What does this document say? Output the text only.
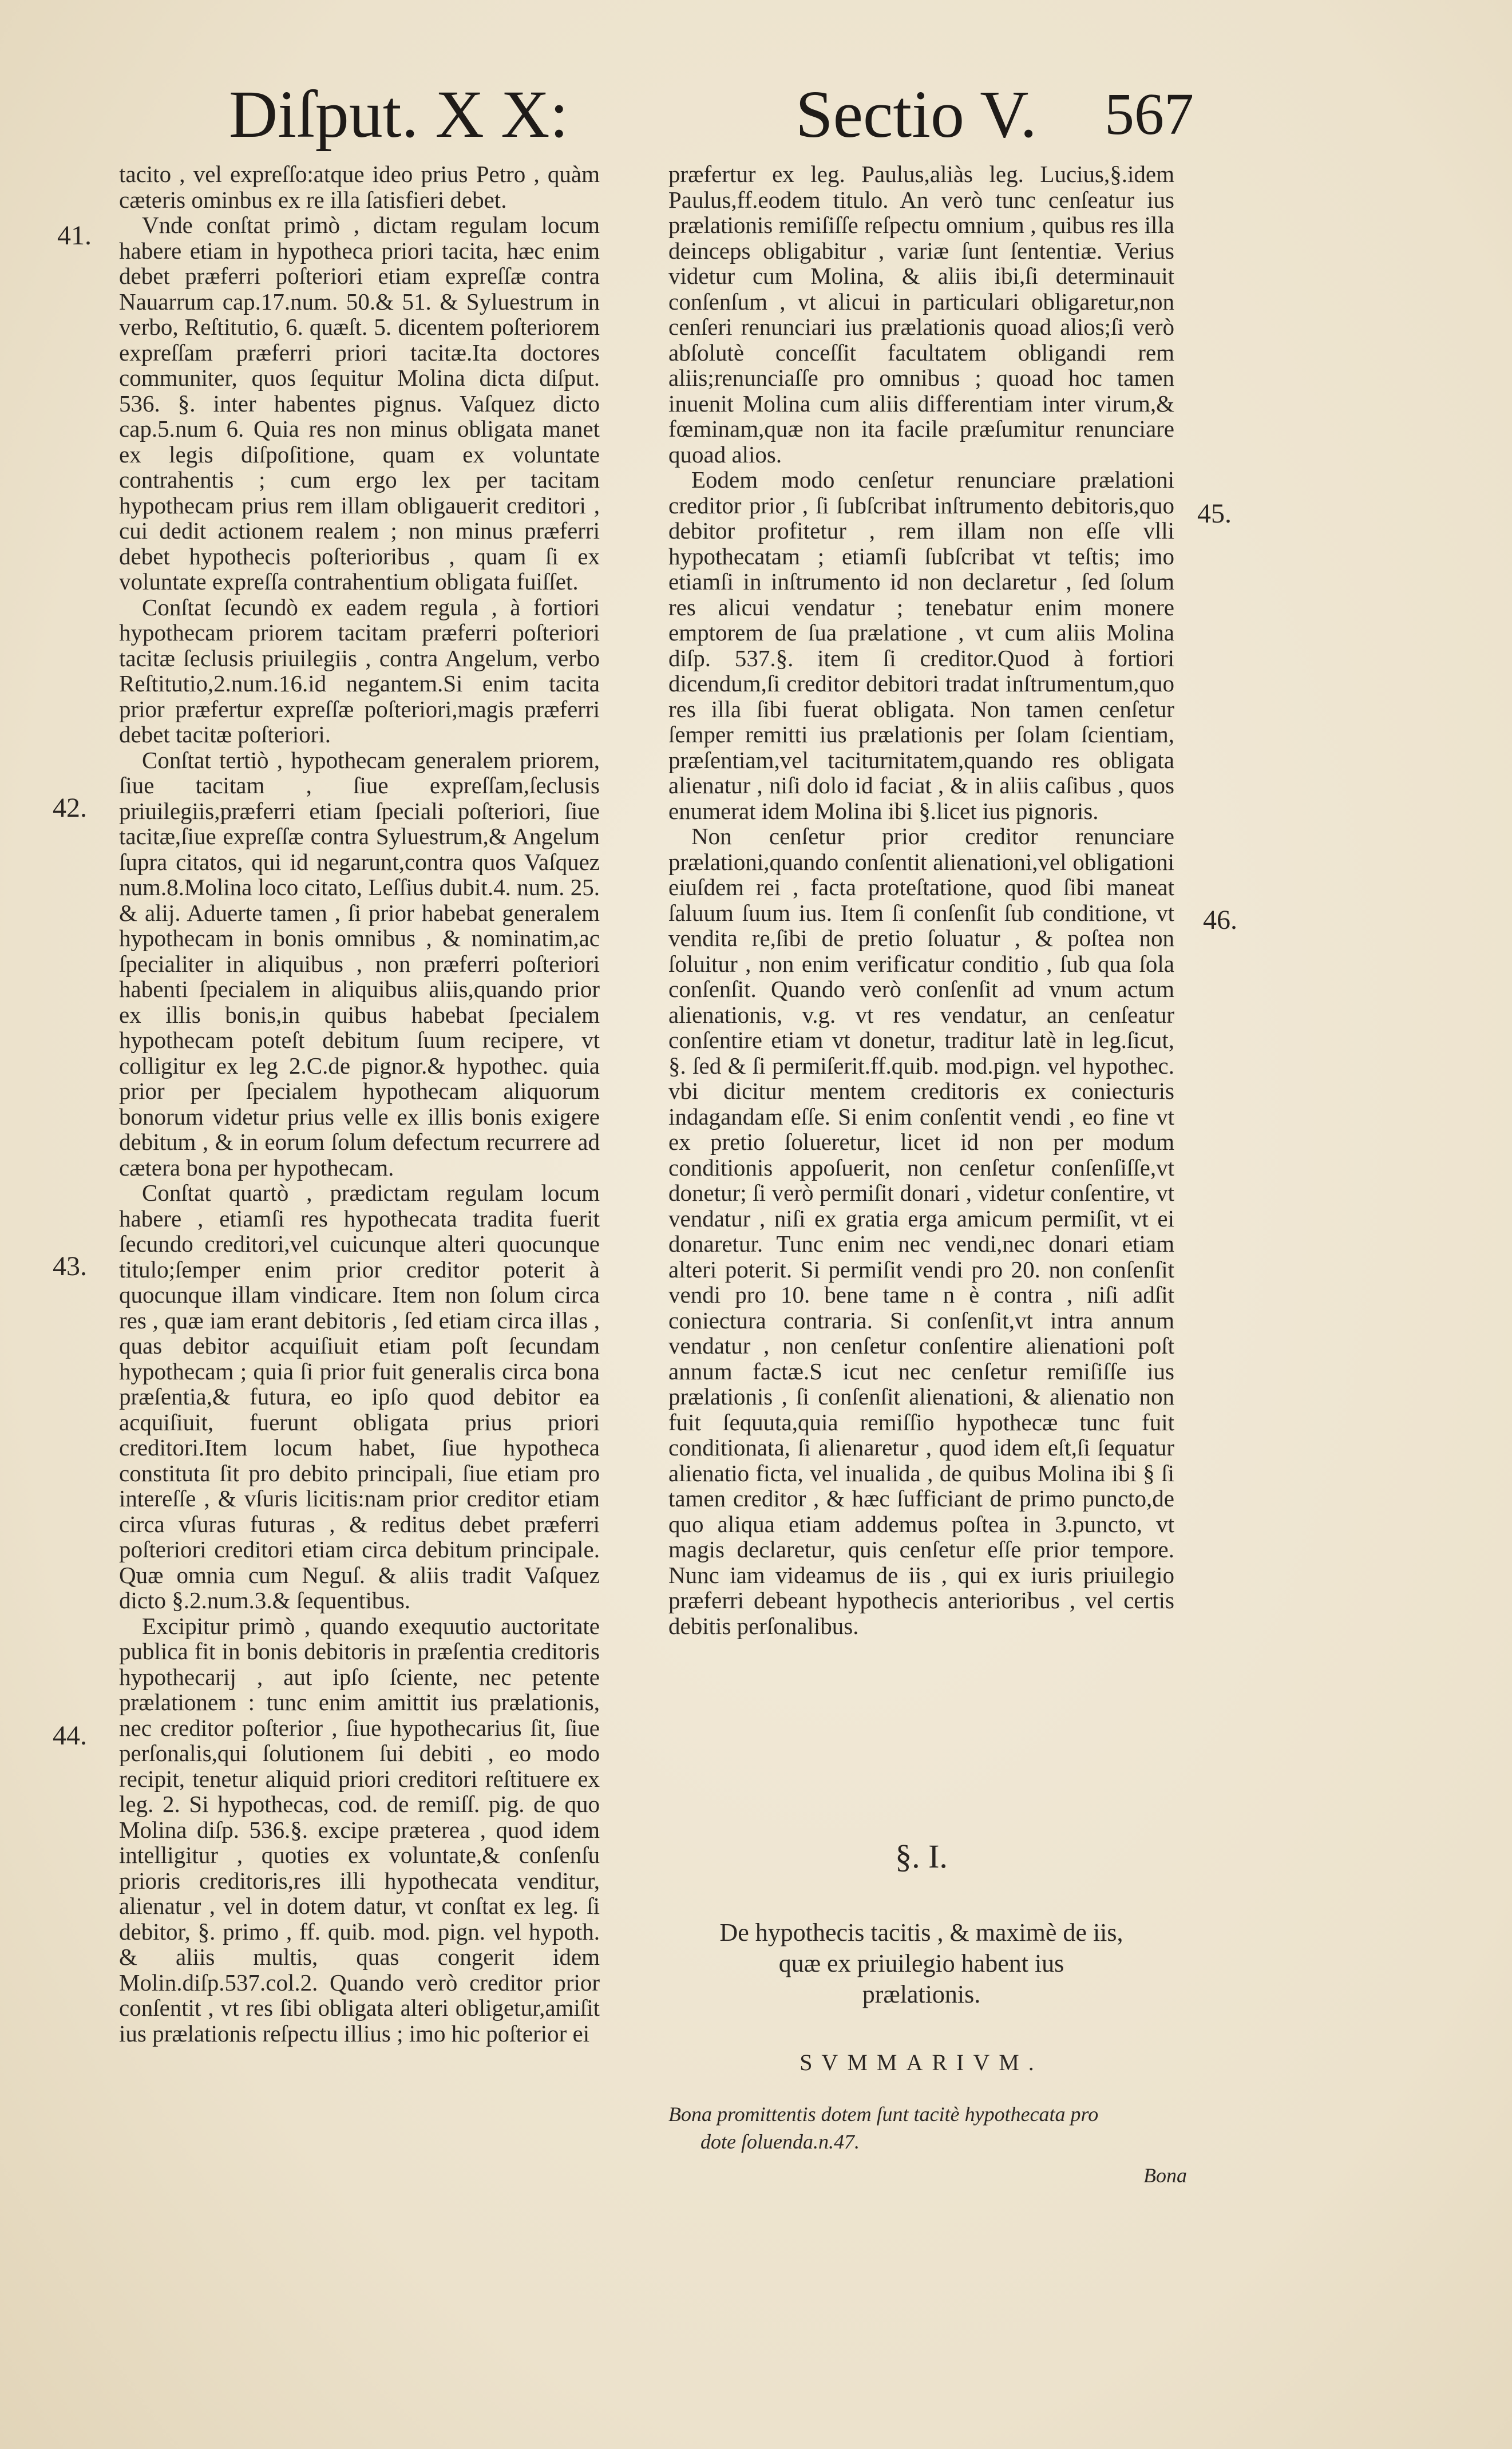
Diſput. X X:	Sectio V. 567

tacito , vel expreſſo:atque ideo prius Petro , quàm cæteris ominbus ex re illa ſatisfieri debet.

Vnde conſtat primò , dictam regulam locum habere etiam in hypotheca priori tacita, hæc enim debet præferri poſteriori etiam expreſſæ contra Nauarrum cap.17.num. 50.& 51. & Syluestrum in verbo, Reſtitutio, 6. quæſt. 5. dicentem poſteriorem expreſſam præferri priori tacitæ.Ita doctores communiter, quos ſequitur Molina dicta diſput. 536. §. inter habentes pignus. Vaſquez dicto cap.5.num 6. Quia res non minus obligata manet ex legis diſpoſitione, quam ex voluntate contrahentis ; cum ergo lex per tacitam hypothecam prius rem illam obligauerit creditori , cui dedit actionem realem ; non minus præferri debet hypothecis poſterioribus , quam ſi ex voluntate expreſſa contrahentium obligata fuiſſet.

Conſtat ſecundò ex eadem regula , à fortiori hypothecam priorem tacitam præferri poſteriori tacitæ ſeclusis priuilegiis , contra Angelum, verbo Reſtitutio,2.num.16.id negantem.Si enim tacita prior præfertur expreſſæ poſteriori,magis præferri debet tacitæ poſteriori.

Conſtat tertiò , hypothecam generalem priorem, ſiue tacitam , ſiue expreſſam,ſeclusis priuilegiis,præferri etiam ſpeciali poſteriori, ſiue tacitæ,ſiue expreſſæ contra Syluestrum,& Angelum ſupra citatos, qui id negarunt,contra quos Vaſquez num.8.Molina loco citato, Leſſius dubit.4. num. 25. & alij. Aduerte tamen , ſi prior habebat generalem hypothecam in bonis omnibus , & nominatim,ac ſpecialiter in aliquibus , non præferri poſteriori habenti ſpecialem in aliquibus aliis,quando prior ex illis bonis,in quibus habebat ſpecialem hypothecam poteſt debitum ſuum recipere, vt colligitur ex leg 2.C.de pignor.& hypothec. quia prior per ſpecialem hypothecam aliquorum bonorum videtur prius velle ex illis bonis exigere debitum , & in eorum ſolum defectum recurrere ad cætera bona per hypothecam.

Conſtat quartò , prædictam regulam locum habere , etiamſi res hypothecata tradita fuerit ſecundo creditori,vel cuicunque alteri quocunque titulo;ſemper enim prior creditor poterit à quocunque illam vindicare. Item non ſolum circa res , quæ iam erant debitoris , ſed etiam circa illas , quas debitor acquiſiuit etiam poſt ſecundam hypothecam ; quia ſi prior fuit generalis circa bona præſentia,& futura, eo ipſo quod debitor ea acquiſiuit, fuerunt obligata prius priori creditori.Item locum habet, ſiue hypotheca constituta ſit pro debito principali, ſiue etiam pro intereſſe , & vſuris licitis:nam prior creditor etiam circa vſuras futuras , & reditus debet præferri poſteriori creditori etiam circa debitum principale. Quæ omnia cum Neguſ. & aliis tradit Vaſquez dicto §.2.num.3.& ſequentibus.

Excipitur primò , quando exequutio auctoritate publica fit in bonis debitoris in præſentia creditoris hypothecarij , aut ipſo ſciente, nec petente prælationem : tunc enim amittit ius prælationis, nec creditor poſterior , ſiue hypothecarius ſit, ſiue perſonalis,qui ſolutionem ſui debiti , eo modo recipit, tenetur aliquid priori creditori reſtituere ex leg. 2. Si hypothecas, cod. de remiſſ. pig. de quo Molina diſp. 536.§. excipe præterea , quod idem intelligitur , quoties ex voluntate,& conſenſu prioris creditoris,res illi hypothecata venditur, alienatur , vel in dotem datur, vt conſtat ex leg. ſi debitor, §. primo , ff. quib. mod. pign. vel hypoth. & aliis multis, quas congerit idem Molin.diſp.537.col.2. Quando verò creditor prior conſentit , vt res ſibi obligata alteri obligetur,amiſit ius prælationis reſpectu illius ; imo hic poſterior ei

41.
42.
43.
44.
45.
46.

præfertur ex leg. Paulus,aliàs leg. Lucius,§.idem Paulus,ff.eodem titulo. An verò tunc cenſeatur ius prælationis remiſiſſe reſpectu omnium , quibus res illa deinceps obligabitur , variæ ſunt ſententiæ. Verius videtur cum Molina, & aliis ibi,ſi determinauit conſenſum , vt alicui in particulari obligaretur,non cenſeri renunciari ius prælationis quoad alios;ſi verò abſolutè conceſſit facultatem obligandi rem aliis;renunciaſſe pro omnibus ; quoad hoc tamen inuenit Molina cum aliis differentiam inter virum,& fœminam,quæ non ita facile præſumitur renunciare quoad alios.

Eodem modo cenſetur renunciare prælationi creditor prior , ſi ſubſcribat inſtrumento debitoris,quo debitor profitetur , rem illam non eſſe vlli hypothecatam ; etiamſi ſubſcribat vt teſtis; imo etiamſi in inſtrumento id non declaretur , ſed ſolum res alicui vendatur ; tenebatur enim monere emptorem de ſua prælatione , vt cum aliis Molina diſp. 537.§. item ſi creditor.Quod à fortiori dicendum,ſi creditor debitori tradat inſtrumentum,quo res illa ſibi fuerat obligata. Non tamen cenſetur ſemper remitti ius prælationis per ſolam ſcientiam, præſentiam,vel taciturnitatem,quando res obligata alienatur , niſi dolo id faciat , & in aliis caſibus , quos enumerat idem Molina ibi §.licet ius pignoris.

Non cenſetur prior creditor renunciare prælationi,quando conſentit alienationi,vel obligationi eiuſdem rei , facta proteſtatione, quod ſibi maneat ſaluum ſuum ius. Item ſi conſenſit ſub conditione, vt vendita re,ſibi de pretio ſoluatur , & poſtea non ſoluitur , non enim verificatur conditio , ſub qua ſola conſenſit. Quando verò conſenſit ad vnum actum alienationis, v.g. vt res vendatur, an cenſeatur conſentire etiam vt donetur, traditur latè in leg.ſicut, §. ſed & ſi permiſerit.ff.quib. mod.pign. vel hypothec. vbi dicitur mentem creditoris ex coniecturis indagandam eſſe. Si enim conſentit vendi , eo fine vt ex pretio ſolueretur, licet id non per modum conditionis appoſuerit, non cenſetur conſenſiſſe,vt donetur; ſi verò permiſit donari , videtur conſentire, vt vendatur , niſi ex gratia erga amicum permiſit, vt ei donaretur. Tunc enim nec vendi,nec donari etiam alteri poterit. Si permiſit vendi pro 20. non conſenſit vendi pro 10. bene tame n è contra , niſi adſit coniectura contraria. Si conſenſit,vt intra annum vendatur , non cenſetur conſentire alienationi poſt annum factæ.S icut nec cenſetur remiſiſſe ius prælationis , ſi conſenſit alienationi, & alienatio non fuit ſequuta,quia remiſſio hypothecæ tunc fuit conditionata, ſi alienaretur , quod idem eſt,ſi ſequatur alienatio ficta, vel inualida , de quibus Molina ibi § ſi tamen creditor , & hæc ſufficiant de primo puncto,de quo aliqua etiam addemus poſtea in 3.puncto, vt magis declaretur, quis cenſetur eſſe prior tempore. Nunc iam videamus de iis , qui ex iuris priuilegio præferri debeant hypothecis anterioribus , vel certis debitis perſonalibus.

§. I.
De hypothecis tacitis , & maximè de iis,
quæ ex priuilegio habent ius
prælationis.
SVMMARIVM.
Bona promittentis dotem ſunt tacitè hypothecata pro
dote ſoluenda.n.47.
Bona
